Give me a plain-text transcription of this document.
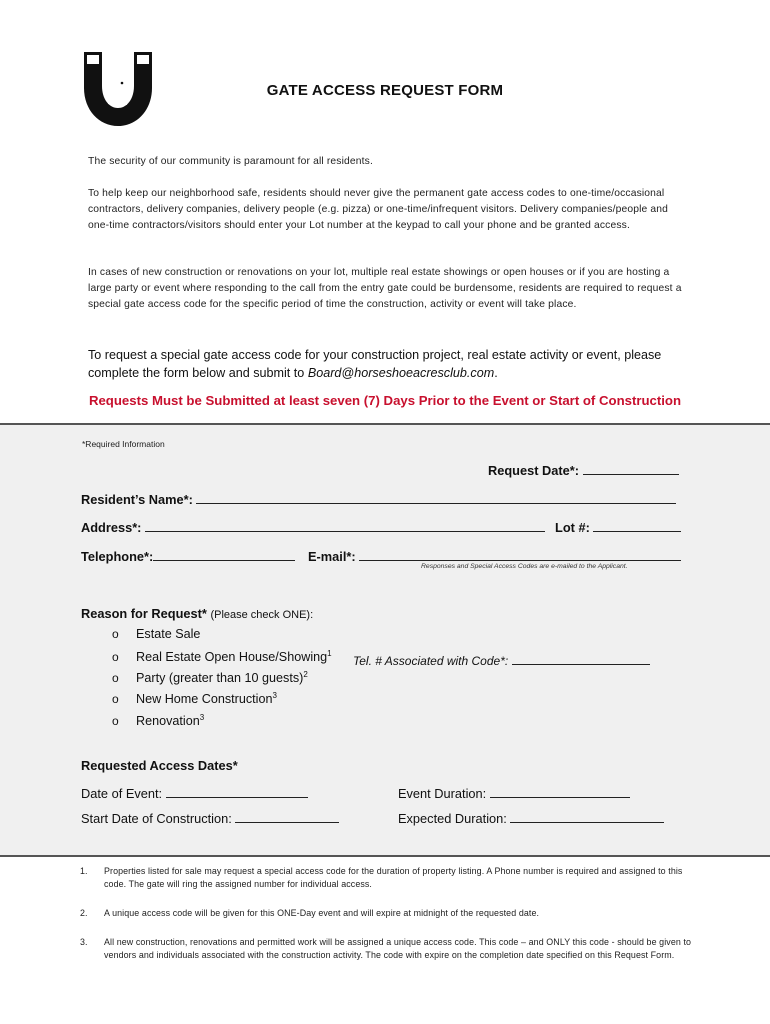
GATE ACCESS REQUEST FORM
The security of our community is paramount for all residents.
To help keep our neighborhood safe, residents should never give the permanent gate access codes to one-time/occasional contractors, delivery companies, delivery people (e.g. pizza) or one-time/infrequent visitors. Delivery companies/people and one-time contractors/visitors should enter your Lot number at the keypad to call your phone and be granted access.
In cases of new construction or renovations on your lot, multiple real estate showings or open houses or if you are hosting a large party or event where responding to the call from the entry gate could be burdensome, residents are required to request a special gate access code for the specific period of time the construction, activity or event will take place.
To request a special gate access code for your construction project, real estate activity or event, please complete the form below and submit to Board@horseshoeacresclub.com.
Requests Must be Submitted at least seven (7) Days Prior to the Event or Start of Construction
*Required Information
Request Date*:
Resident’s Name*:
Address*:	Lot #:
Telephone*:	E-mail*:
Responses and Special Access Codes are e-mailed to the Applicant.
Reason for Request* (Please check ONE):
o Estate Sale
o Real Estate Open House/Showing$^1$
o Party (greater than 10 guests)$^2$
o New Home Construction$^3$
o Renovation$^3$
Tel. # Associated with Code*:
Requested Access Dates*
Date of Event:	Event Duration:
Start Date of Construction:	Expected Duration:
1. Properties listed for sale may request a special access code for the duration of property listing. A Phone number is required and assigned to this code. The gate will ring the assigned number for individual access.
2. A unique access code will be given for this ONE-Day event and will expire at midnight of the requested date.
3. All new construction, renovations and permitted work will be assigned a unique access code. This code – and ONLY this code - should be given to vendors and individuals associated with the construction activity. The code with expire on the completion date specified on this Request Form.
